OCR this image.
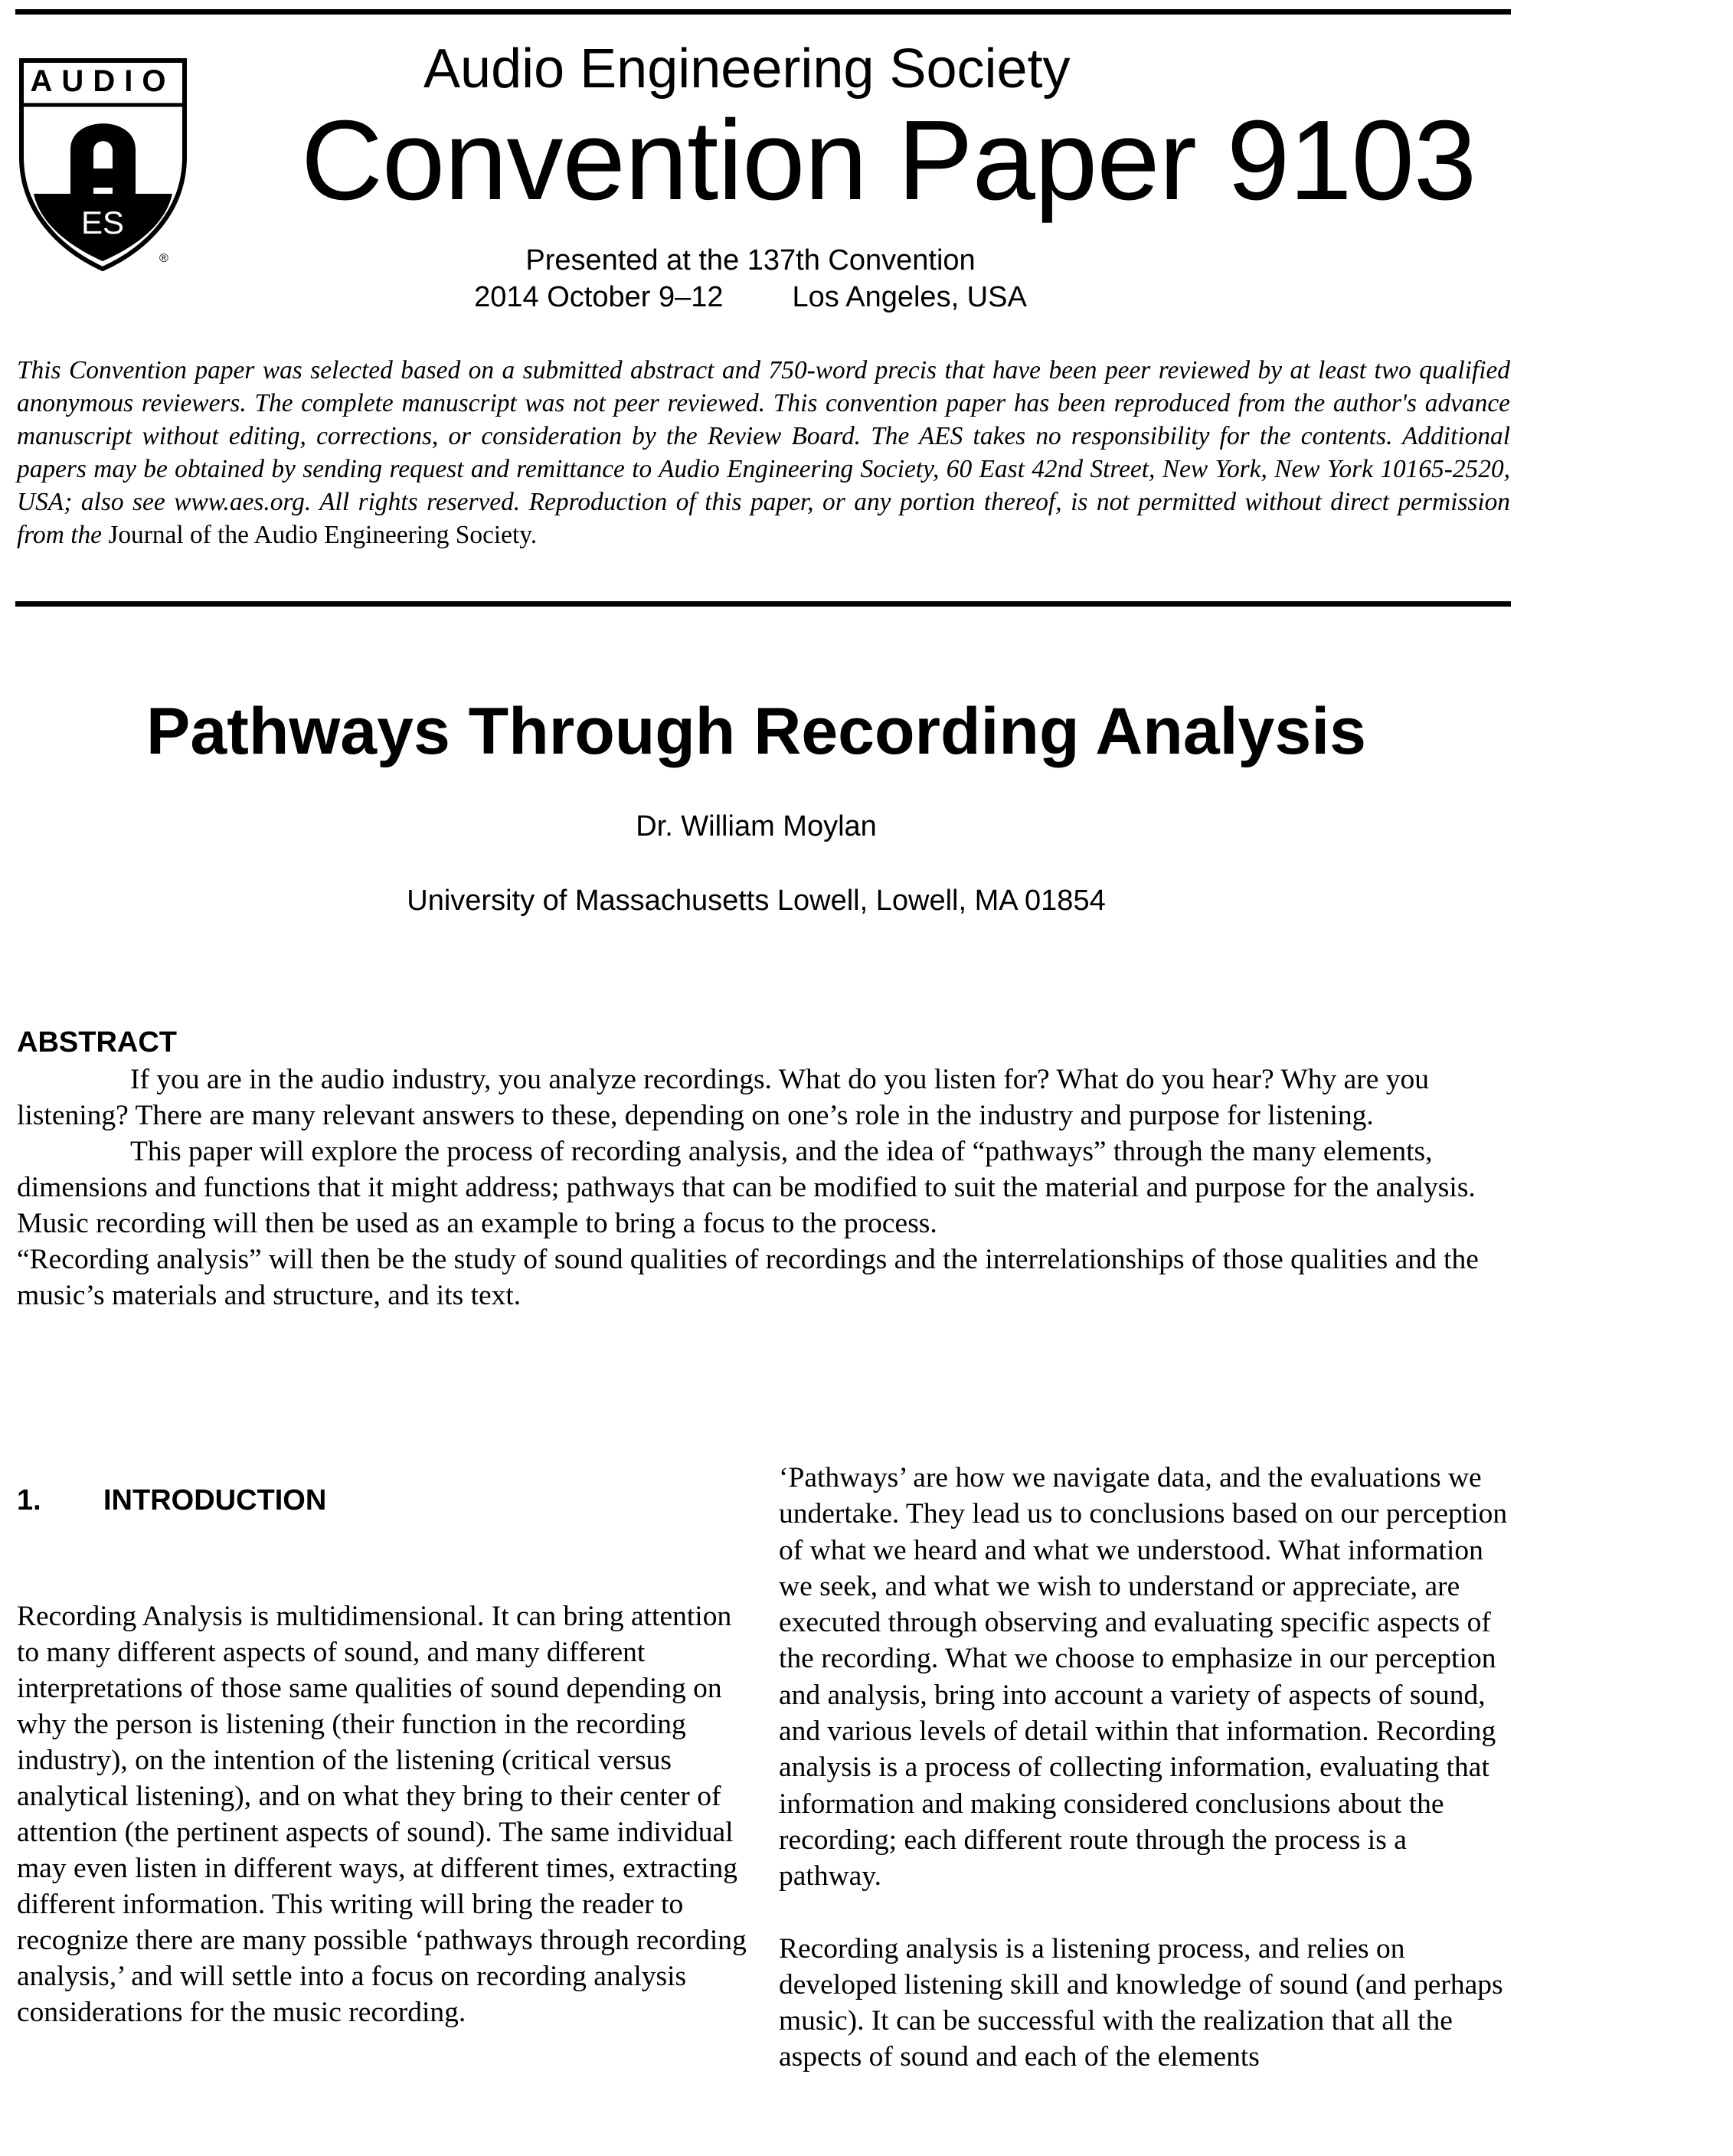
AUDIO
ES
®
Audio Engineering Society
Convention Paper 9103
Presented at the 137th Convention
2014 October 9–12 Los Angeles, USA
This Convention paper was selected based on a submitted abstract and 750-word precis that have been peer reviewed by at least two qualified anonymous reviewers. The complete manuscript was not peer reviewed. This convention paper has been reproduced from the author's advance manuscript without editing, corrections, or consideration by the Review Board. The AES takes no responsibility for the contents. Additional papers may be obtained by sending request and remittance to Audio Engineering Society, 60 East 42nd Street, New York, New York 10165-2520, USA; also see www.aes.org. All rights reserved. Reproduction of this paper, or any portion thereof, is not permitted without direct permission from the Journal of the Audio Engineering Society.
Pathways Through Recording Analysis
Dr. William Moylan
University of Massachusetts Lowell, Lowell, MA 01854
ABSTRACT

If you are in the audio industry, you analyze recordings. What do you listen for? What do you hear? Why are you listening? There are many relevant answers to these, depending on one’s role in the industry and purpose for listening.

This paper will explore the process of recording analysis, and the idea of “pathways” through the many elements, dimensions and functions that it might address; pathways that can be modified to suit the material and purpose for the analysis. Music recording will then be used as an example to bring a focus to the process.

“Recording analysis” will then be the study of sound qualities of recordings and the interrelationships of those qualities and the music’s materials and structure, and its text.

1. INTRODUCTION

Recording Analysis is multidimensional. It can bring attention to many different aspects of sound, and many different interpretations of those same qualities of sound depending on why the person is listening (their function in the recording industry), on the intention of the listening (critical versus analytical listening), and on what they bring to their center of attention (the pertinent aspects of sound). The same individual may even listen in different ways, at different times, extracting different information. This writing will bring the reader to recognize there are many possible ‘pathways through recording analysis,’ and will settle into a focus on recording analysis considerations for the music recording.

‘Pathways’ are how we navigate data, and the evaluations we undertake. They lead us to conclusions based on our perception of what we heard and what we understood. What information we seek, and what we wish to understand or appreciate, are executed through observing and evaluating specific aspects of the recording. What we choose to emphasize in our perception and analysis, bring into account a variety of aspects of sound, and various levels of detail within that information. Recording analysis is a process of collecting information, evaluating that information and making considered conclusions about the recording; each different route through the process is a pathway.

Recording analysis is a listening process, and relies on developed listening skill and knowledge of sound (and perhaps music). It can be successful with the realization that all the aspects of sound and each of the elements
